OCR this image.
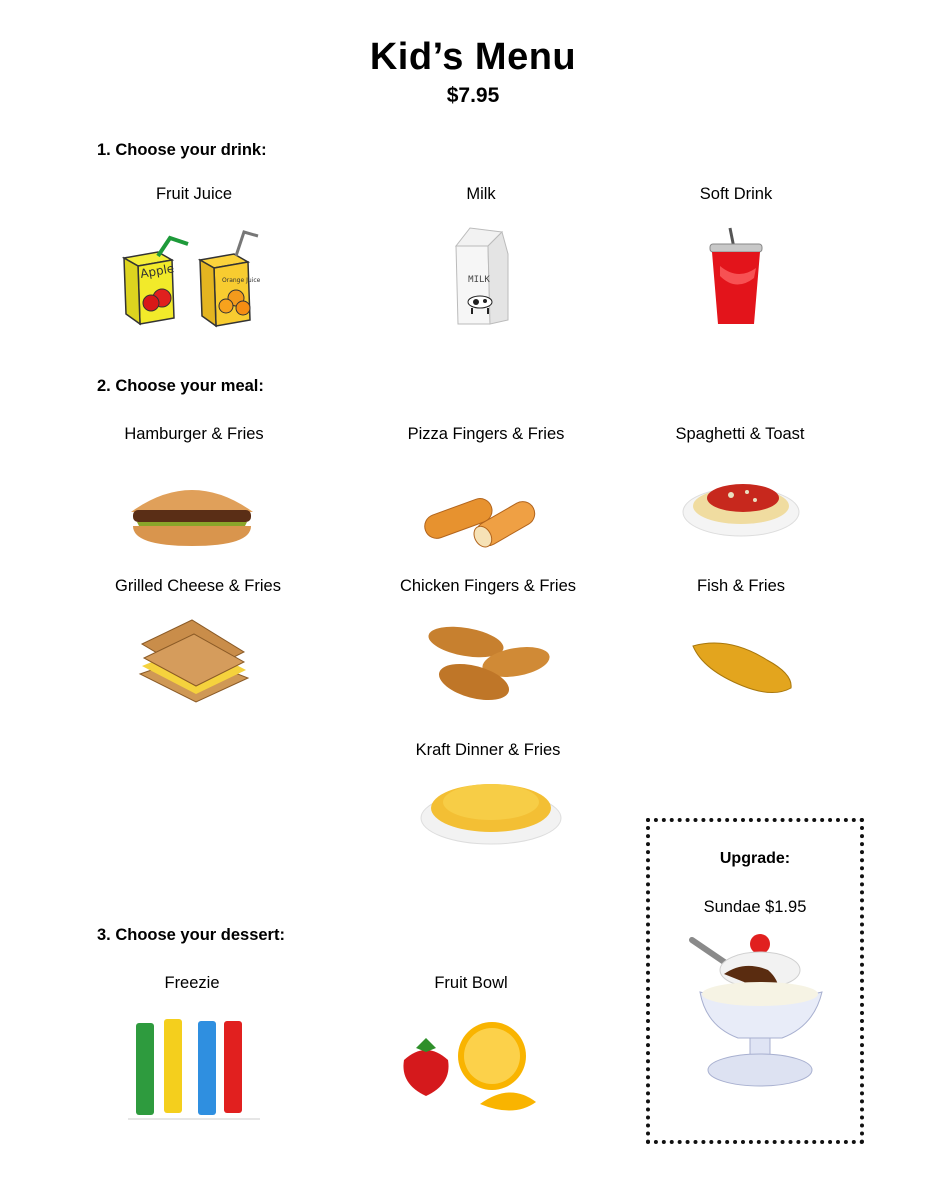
Kid’s Menu
$7.95
1. Choose your drink:
Fruit Juice	Milk	Soft Drink
Apple	Orange Juice	MILK
2. Choose your meal:
Hamburger & Fries	Pizza Fingers & Fries	Spaghetti & Toast
Grilled Cheese & Fries	Chicken Fingers & Fries	Fish & Fries
Kraft Dinner & Fries
3. Choose your dessert:
Freezie	Fruit Bowl
Upgrade:
Sundae $1.95
